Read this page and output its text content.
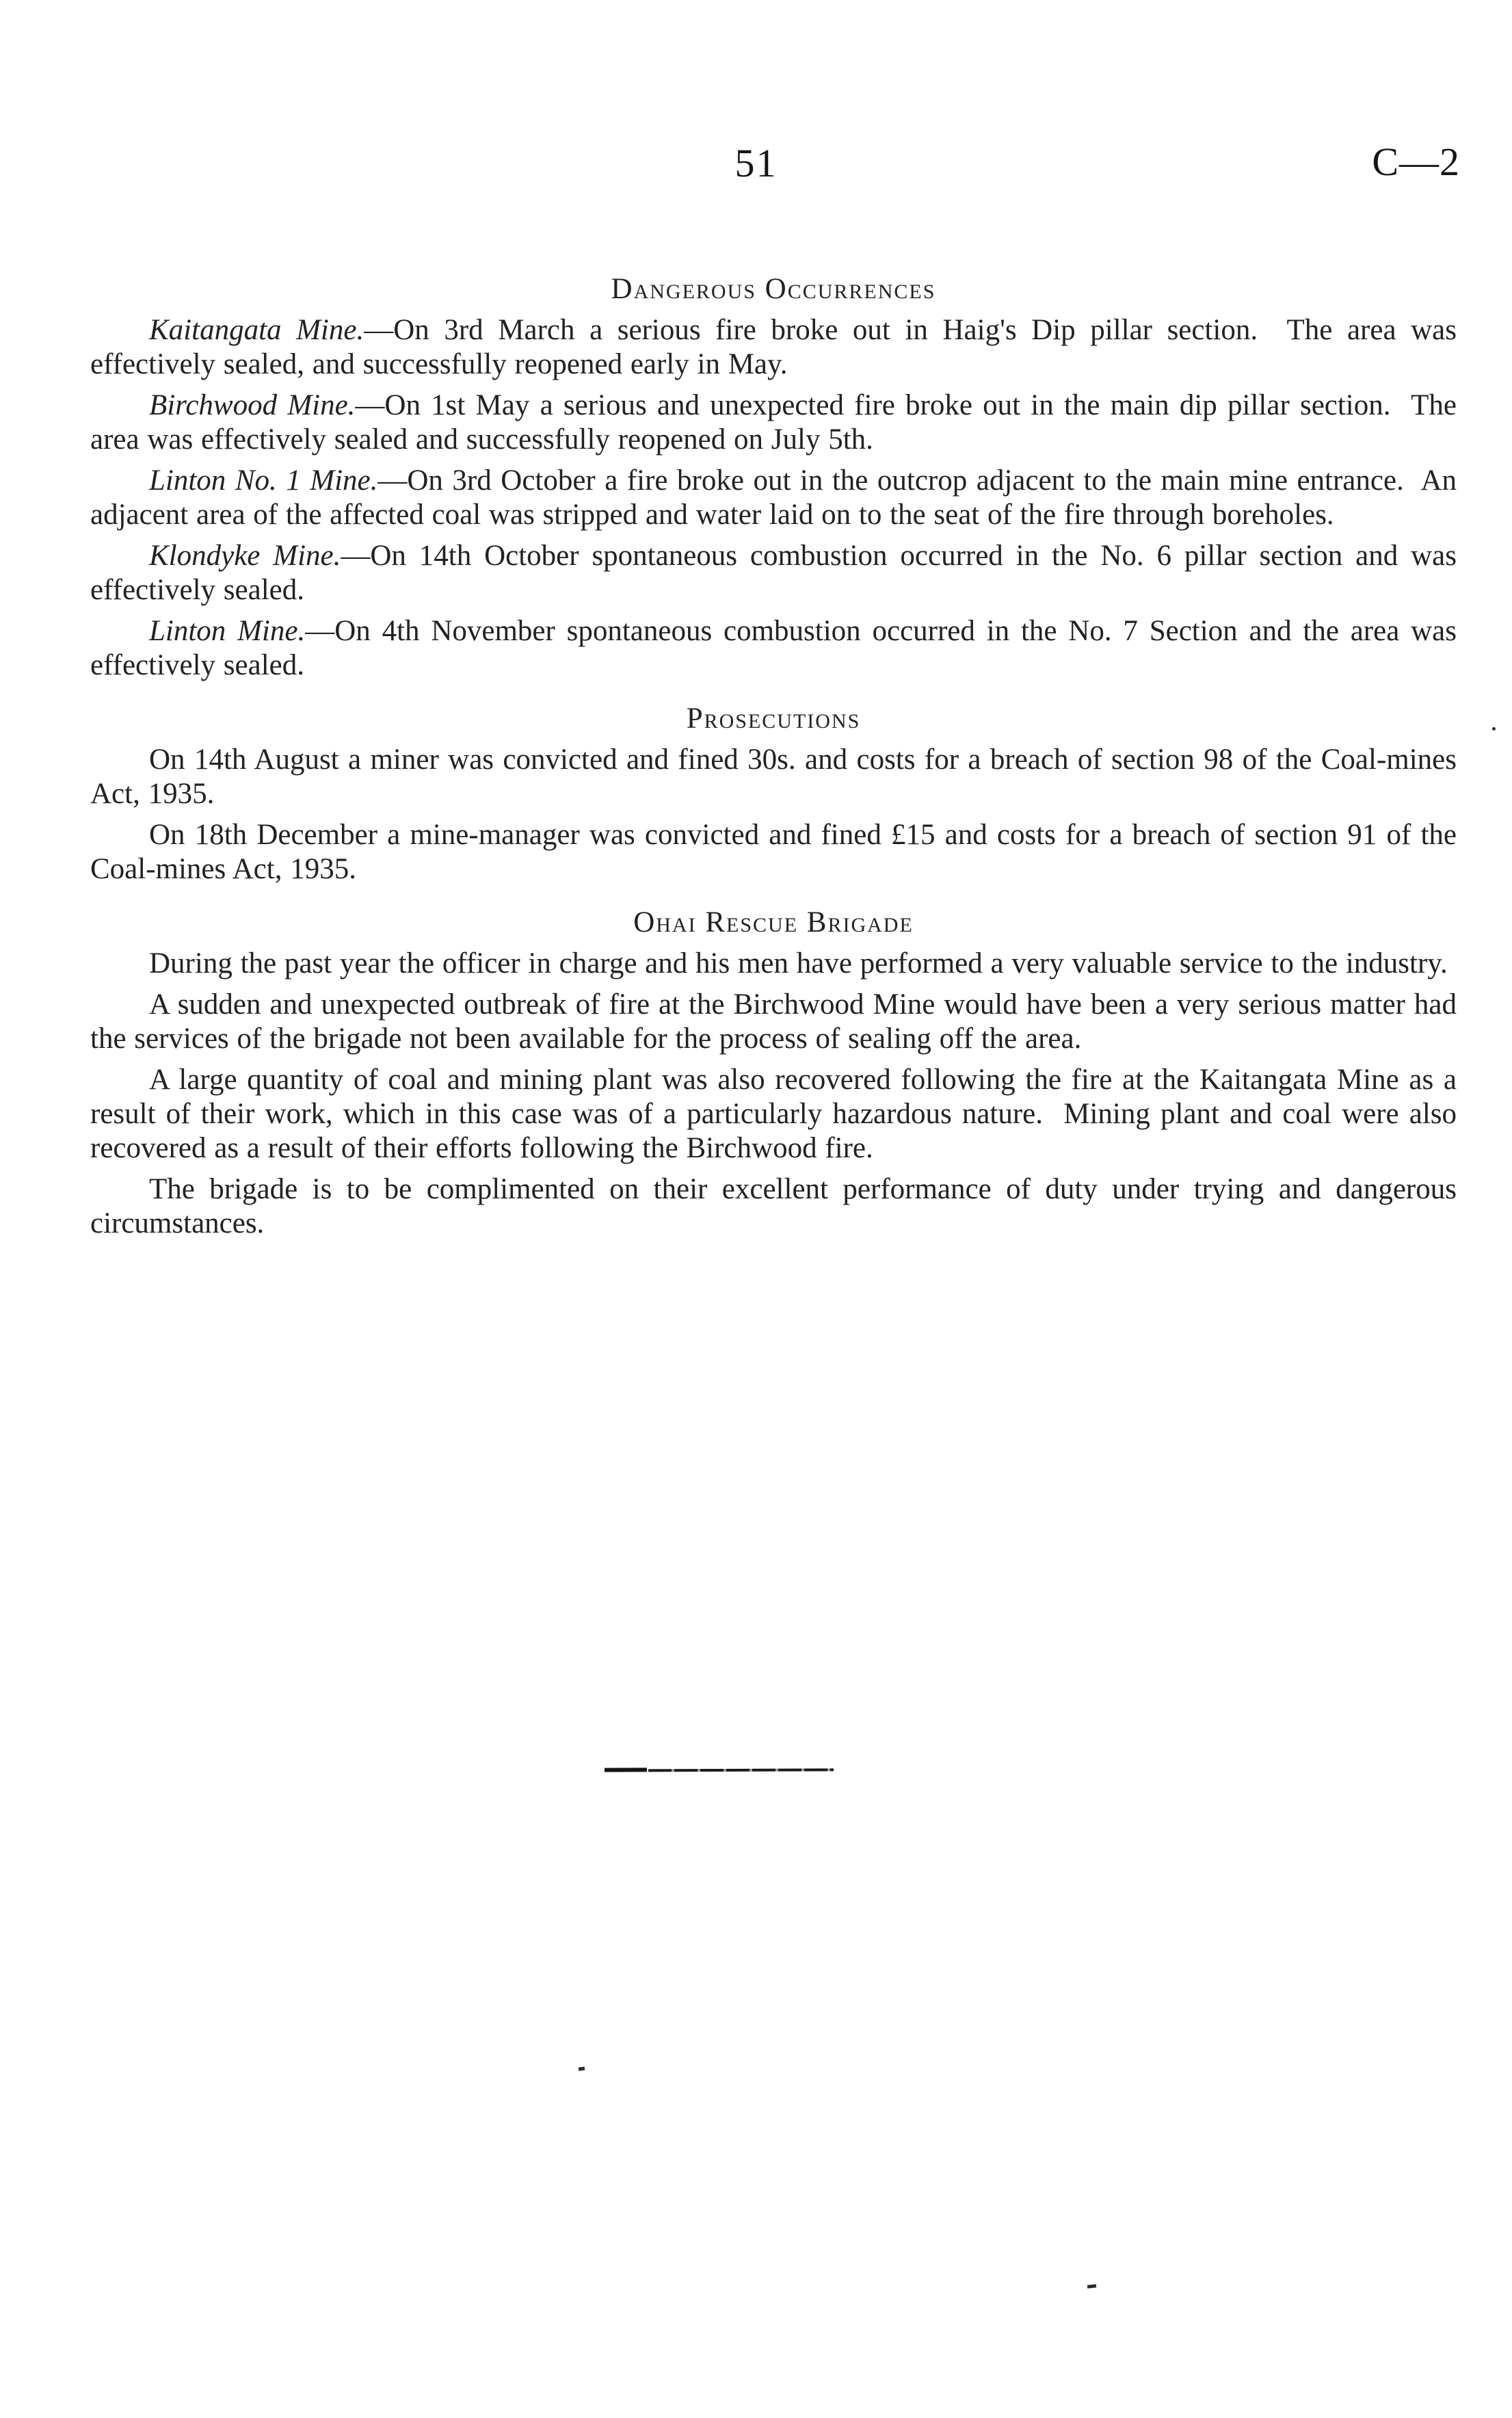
51	C—2
Dangerous Occurrences

Kaitangata Mine.—On 3rd March a serious fire broke out in Haig's Dip pillar section.  The area was effectively sealed, and successfully reopened early in May.

Birchwood Mine.—On 1st May a serious and unexpected fire broke out in the main dip pillar section.  The area was effectively sealed and successfully reopened on July 5th.

Linton No. 1 Mine.—On 3rd October a fire broke out in the outcrop adjacent to the main mine entrance.  An adjacent area of the affected coal was stripped and water laid on to the seat of the fire through boreholes.

Klondyke Mine.—On 14th October spontaneous combustion occurred in the No. 6 pillar section and was effectively sealed.

Linton Mine.—On 4th November spontaneous combustion occurred in the No. 7 Section and the area was effectively sealed.

Prosecutions

On 14th August a miner was convicted and fined 30s. and costs for a breach of section 98 of the Coal-mines Act, 1935.

On 18th December a mine-manager was convicted and fined £15 and costs for a breach of section 91 of the Coal-mines Act, 1935.

Ohai Rescue Brigade

During the past year the officer in charge and his men have performed a very valuable service to the industry.

A sudden and unexpected outbreak of fire at the Birchwood Mine would have been a very serious matter had the services of the brigade not been available for the process of sealing off the area.

A large quantity of coal and mining plant was also recovered following the fire at the Kaitangata Mine as a result of their work, which in this case was of a particularly hazardous nature.  Mining plant and coal were also recovered as a result of their efforts following the Birchwood fire.

The brigade is to be complimented on their excellent performance of duty under trying and dangerous circumstances.
